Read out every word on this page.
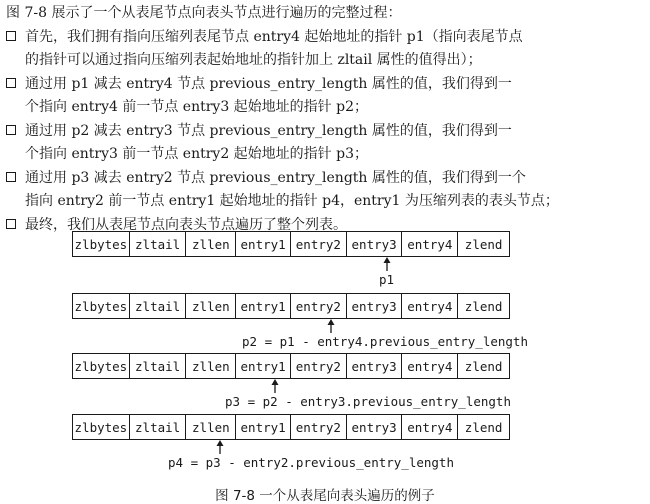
图 7-8 展示了一个从表尾节点向表头节点进行遍历的完整过程：
首先，我们拥有指向压缩列表尾节点 entry4 起始地址的指针 p1（指向表尾节点
的指针可以通过指向压缩列表起始地址的指针加上 zltail 属性的值得出）；
通过用 p1 减去 entry4 节点 previous_entry_length 属性的值，我们得到一
个指向 entry4 前一节点 entry3 起始地址的指针 p2；
通过用 p2 减去 entry3 节点 previous_entry_length 属性的值，我们得到一
个指向 entry3 前一节点 entry2 起始地址的指针 p3；
通过用 p3 减去 entry2 节点 previous_entry_length 属性的值，我们得到一个
指向 entry2 前一节点 entry1 起始地址的指针 p4，entry1 为压缩列表的表头节点；
最终，我们从表尾节点向表头节点遍历了整个列表。
zlbytes zltail zllen entry1 entry2 entry3 entry4 zlend
p1
zlbytes zltail zllen entry1 entry2 entry3 entry4 zlend
p2 = p1 - entry4.previous_entry_length
zlbytes zltail zllen entry1 entry2 entry3 entry4 zlend
p3 = p2 - entry3.previous_entry_length
zlbytes zltail zllen entry1 entry2 entry3 entry4 zlend
p4 = p3 - entry2.previous_entry_length
图 7-8 一个从表尾向表头遍历的例子
